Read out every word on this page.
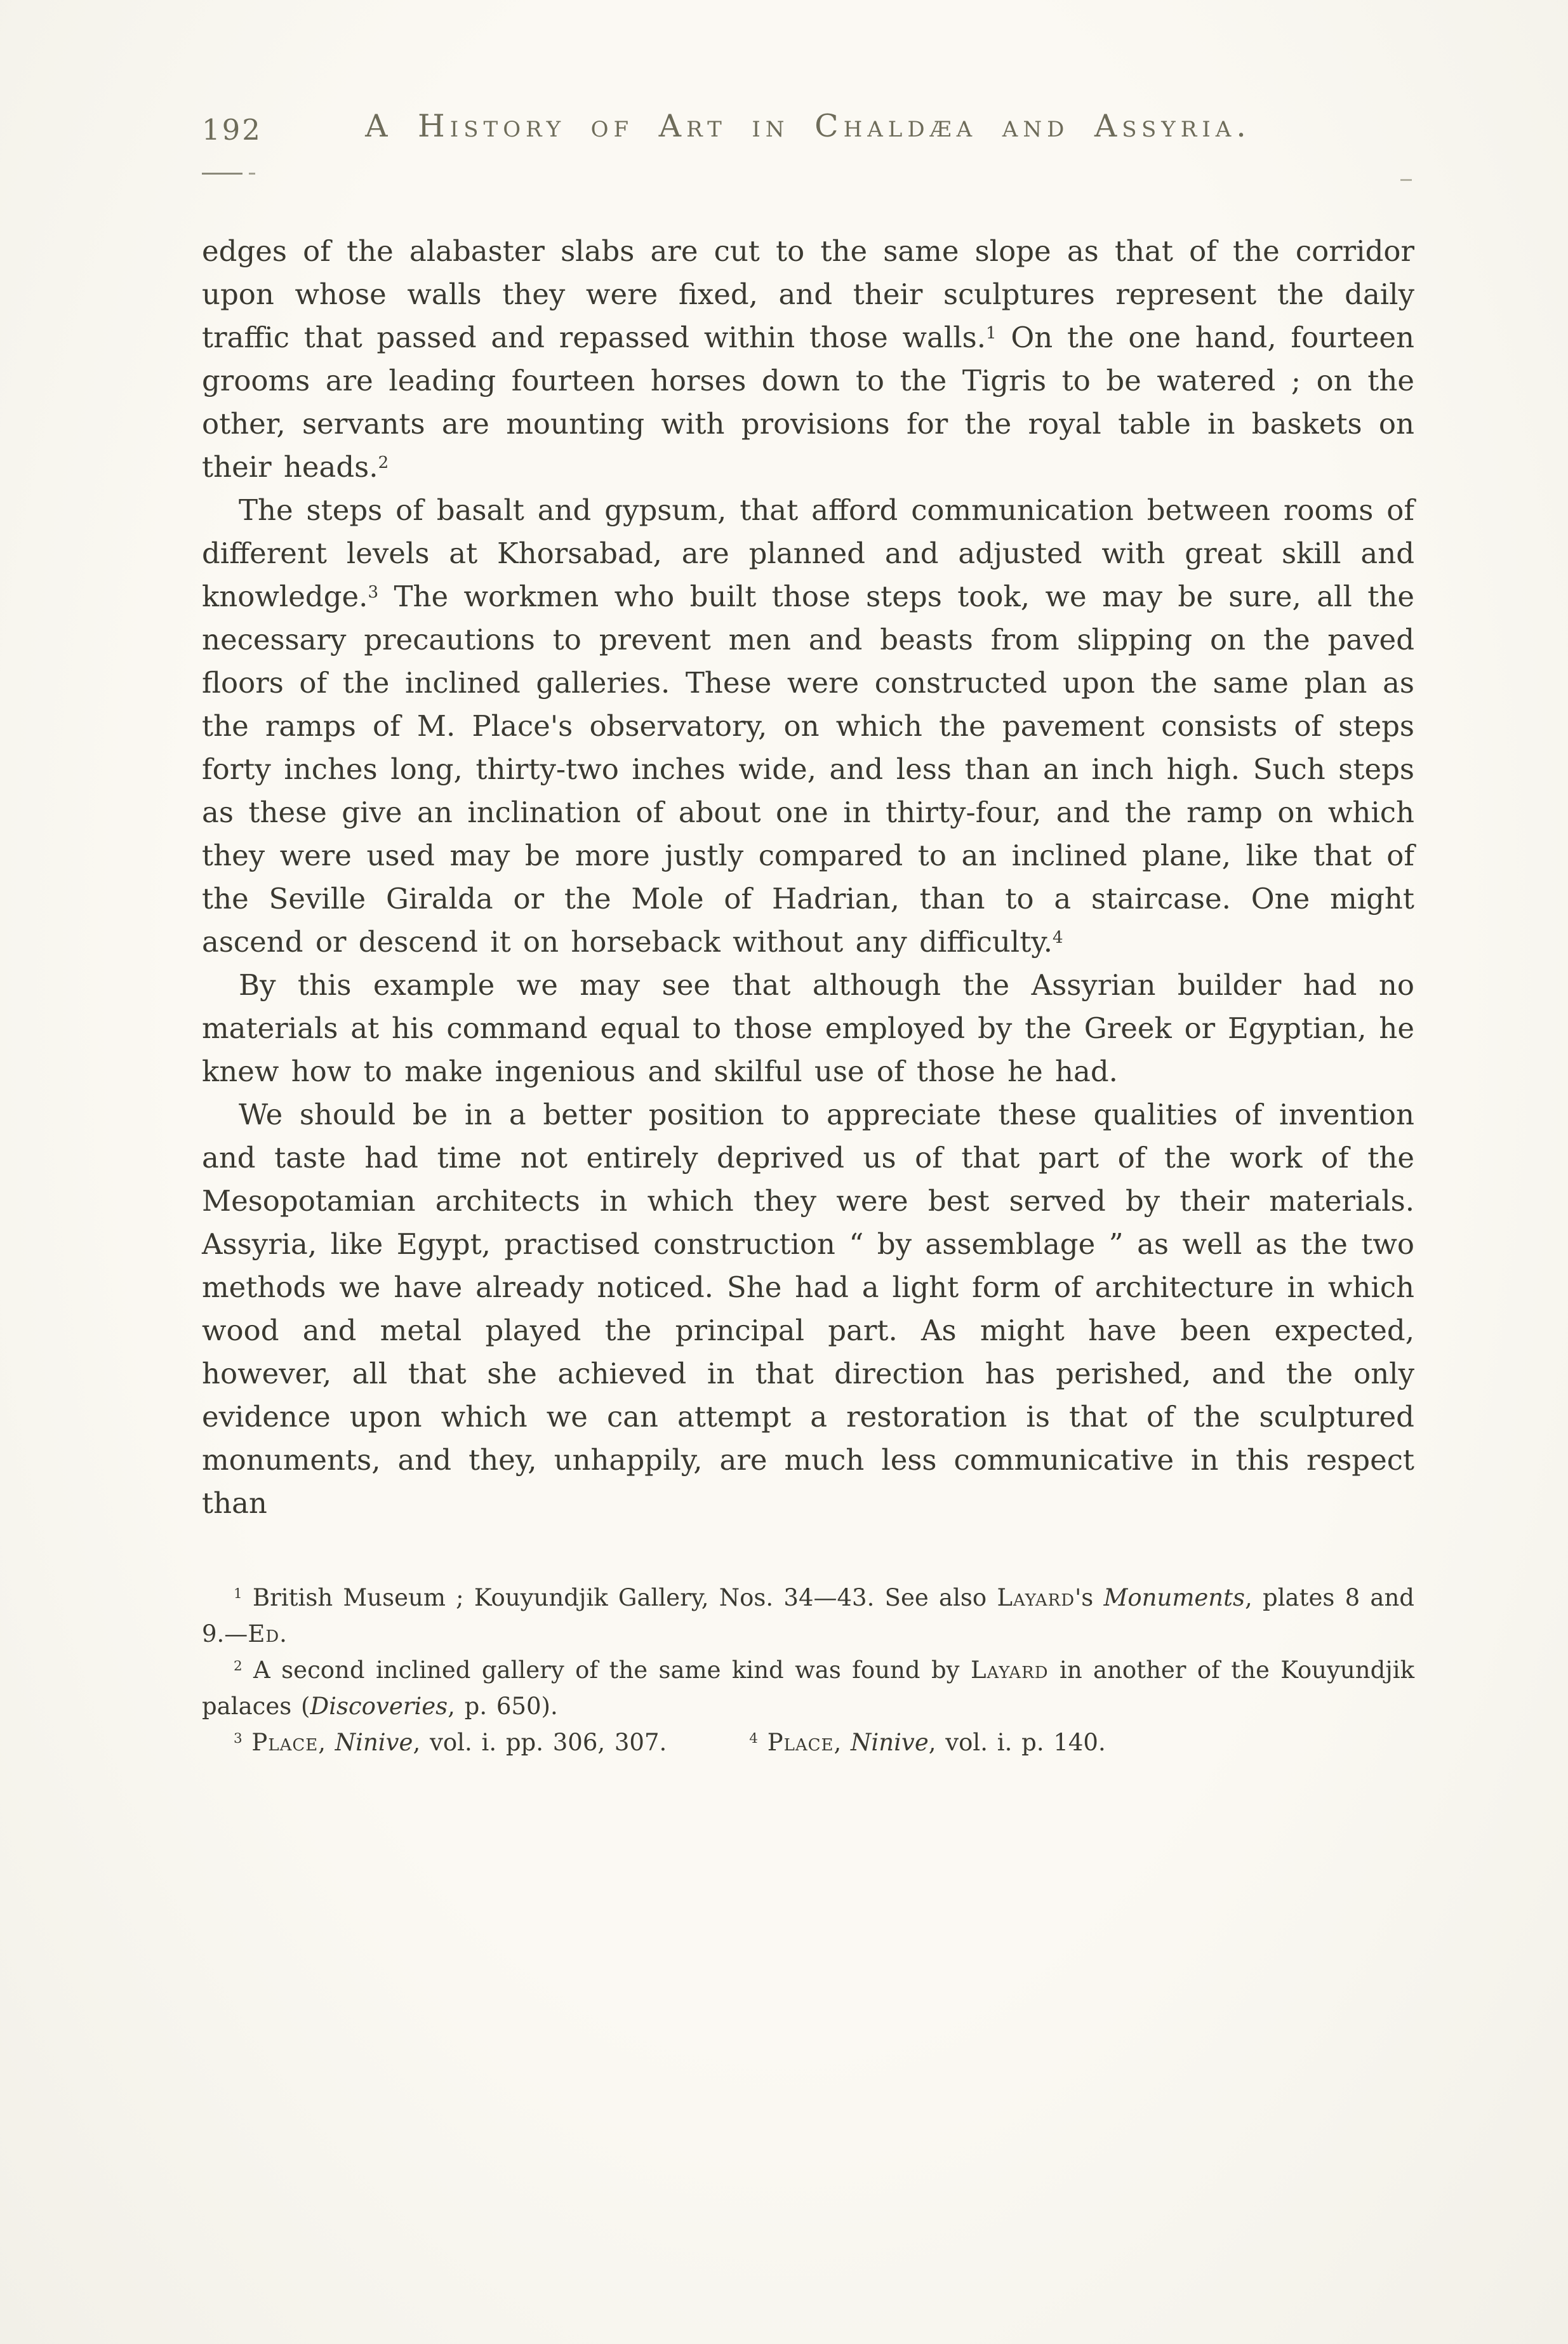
192	A History of Art in Chaldæa and Assyria.

edges of the alabaster slabs are cut to the same slope as that of the corridor upon whose walls they were fixed, and their sculptures represent the daily traffic that passed and repassed within those walls.$^1$ On the one hand, fourteen grooms are leading fourteen horses down to the Tigris to be watered ; on the other, servants are mounting with provisions for the royal table in baskets on their heads.$^2$

The steps of basalt and gypsum, that afford communication between rooms of different levels at Khorsabad, are planned and adjusted with great skill and knowledge.$^3$ The workmen who built those steps took, we may be sure, all the necessary precautions to prevent men and beasts from slipping on the paved floors of the inclined galleries. These were constructed upon the same plan as the ramps of M. Place's observatory, on which the pavement consists of steps forty inches long, thirty-two inches wide, and less than an inch high. Such steps as these give an inclination of about one in thirty-four, and the ramp on which they were used may be more justly compared to an inclined plane, like that of the Seville Giralda or the Mole of Hadrian, than to a staircase. One might ascend or descend it on horseback without any difficulty.$^4$

By this example we may see that although the Assyrian builder had no materials at his command equal to those employed by the Greek or Egyptian, he knew how to make ingenious and skilful use of those he had.

We should be in a better position to appreciate these qualities of invention and taste had time not entirely deprived us of that part of the work of the Mesopotamian architects in which they were best served by their materials. Assyria, like Egypt, practised construction “ by assemblage ” as well as the two methods we have already noticed. She had a light form of architecture in which wood and metal played the principal part. As might have been expected, however, all that she achieved in that direction has perished, and the only evidence upon which we can attempt a restoration is that of the sculptured monuments, and they, unhappily, are much less communicative in this respect than

$^1$ British Museum ; Kouyundjik Gallery, Nos. 34—43. See also Layard's Monuments, plates 8 and 9.—Ed.

$^2$ A second inclined gallery of the same kind was found by Layard in another of the Kouyundjik palaces (Discoveries, p. 650).

$^3$ Place, Ninive, vol. i. pp. 306, 307.	$^4$ Place, Ninive, vol. i. p. 140.
